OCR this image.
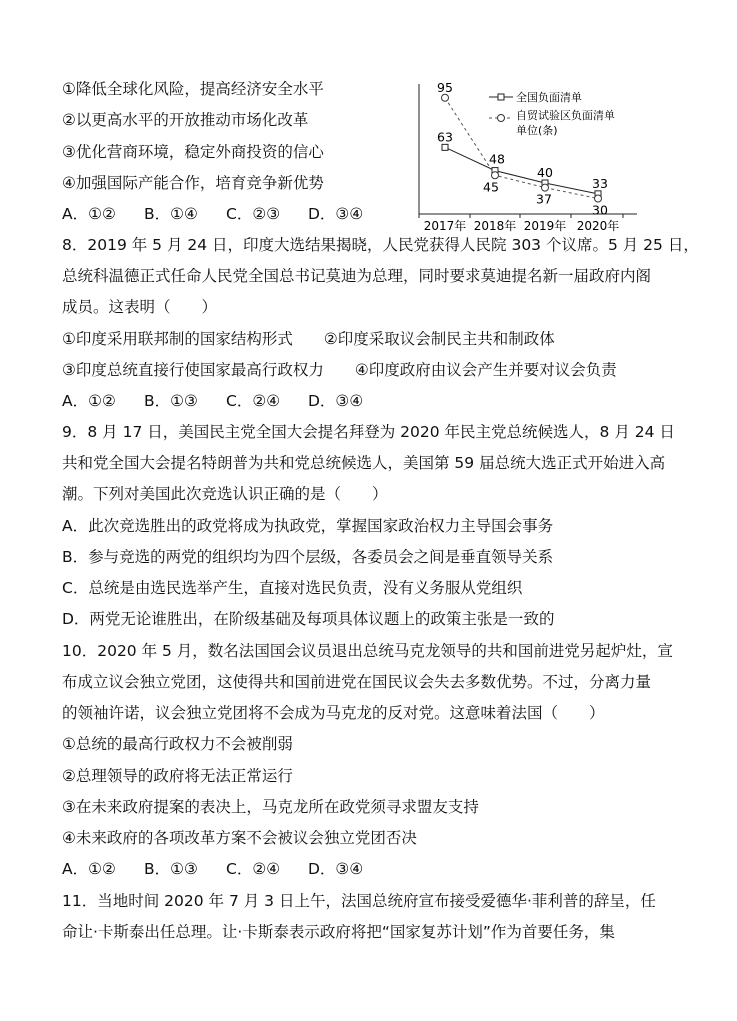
①降低全球化风险，提高经济安全水平
②以更高水平的开放推动市场化改革
③优化营商环境，稳定外商投资的信心
④加强国际产能合作，培育竞争新优势
A．①② B．①④ C．②③ D．③④
95
63
48
45
40
37
33
30
2017年 2018年 2019年 2020年
全国负面清单
自贸试验区负面清单
单位(条)
8．2019 年 5 月 24 日，印度大选结果揭晓，人民党获得人民院 303 个议席。5 月 25 日，
总统科温德正式任命人民党全国总书记莫迪为总理，同时要求莫迪提名新一届政府内阁
成员。这表明（　　）
①印度采用联邦制的国家结构形式　　②印度采取议会制民主共和制政体
③印度总统直接行使国家最高行政权力　　④印度政府由议会产生并要对议会负责
A．①② B．①③ C．②④ D．③④
9．8 月 17 日，美国民主党全国大会提名拜登为 2020 年民主党总统候选人，8 月 24 日
共和党全国大会提名特朗普为共和党总统候选人，美国第 59 届总统大选正式开始进入高
潮。下列对美国此次竞选认识正确的是（　　）
A．此次竞选胜出的政党将成为执政党，掌握国家政治权力主导国会事务
B．参与竞选的两党的组织均为四个层级，各委员会之间是垂直领导关系
C．总统是由选民选举产生，直接对选民负责，没有义务服从党组织
D．两党无论谁胜出，在阶级基础及每项具体议题上的政策主张是一致的
10．2020 年 5 月，数名法国国会议员退出总统马克龙领导的共和国前进党另起炉灶，宣
布成立议会独立党团，这使得共和国前进党在国民议会失去多数优势。不过，分离力量
的领袖许诺，议会独立党团将不会成为马克龙的反对党。这意味着法国（　　）
①总统的最高行政权力不会被削弱
②总理领导的政府将无法正常运行
③在未来政府提案的表决上，马克龙所在政党须寻求盟友支持
④未来政府的各项改革方案不会被议会独立党团否决
A．①② B．①③ C．②④ D．③④
11．当地时间 2020 年 7 月 3 日上午，法国总统府宣布接受爱德华·菲利普的辞呈，任
命让·卡斯泰出任总理。让·卡斯泰表示政府将把“国家复苏计划”作为首要任务，集
